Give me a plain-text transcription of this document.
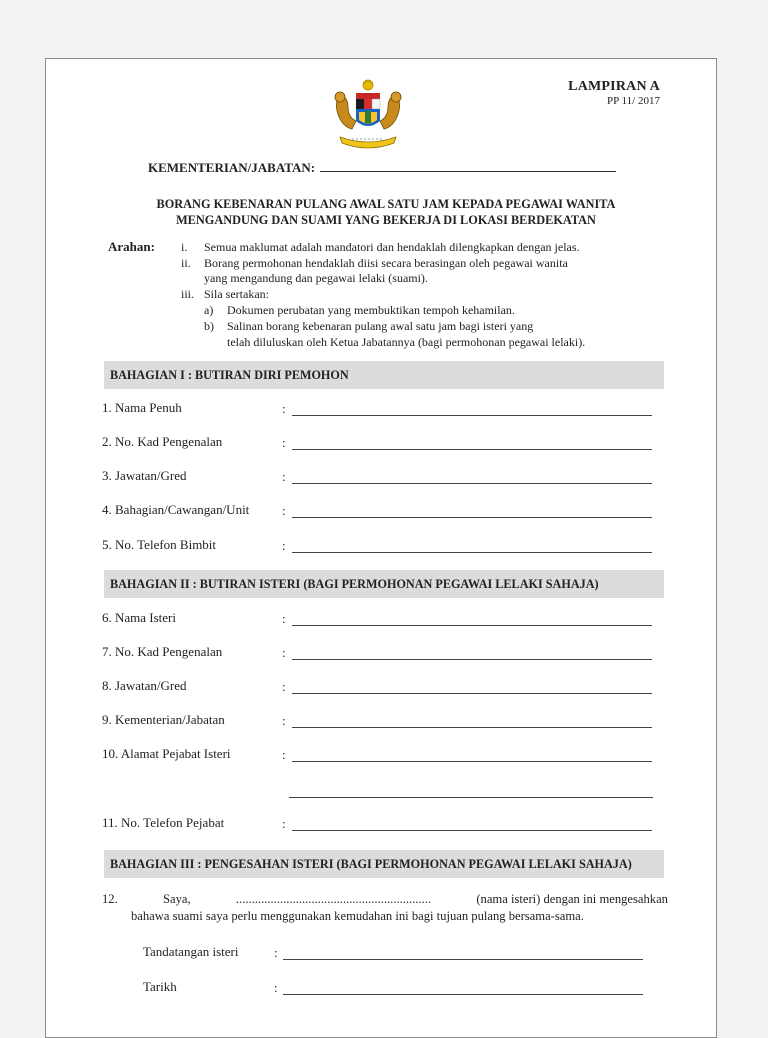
LAMPIRAN A
PP 11/ 2017
KEMENTERIAN/JABATAN:
BORANG KEBENARAN PULANG AWAL SATU JAM KEPADA PEGAWAI WANITA
MENGANDUNG DAN SUAMI YANG BEKERJA DI LOKASI BERDEKATAN
Arahan: i. Semua maklumat adalah mandatori dan hendaklah dilengkapkan dengan jelas.
ii. Borang permohonan hendaklah diisi secara berasingan oleh pegawai wanita
yang mengandung dan pegawai lelaki (suami).
iii. Sila sertakan:
a) Dokumen perubatan yang membuktikan tempoh kehamilan.
b) Salinan borang kebenaran pulang awal satu jam bagi isteri yang
telah diluluskan oleh Ketua Jabatannya (bagi permohonan pegawai lelaki).
BAHAGIAN I : BUTIRAN DIRI PEMOHON
1. Nama Penuh	:
2. No. Kad Pengenalan	:
3. Jawatan/Gred	:
4. Bahagian/Cawangan/Unit	:
5. No. Telefon Bimbit	:
BAHAGIAN II : BUTIRAN ISTERI (BAGI PERMOHONAN PEGAWAI LELAKI SAHAJA)
6. Nama Isteri	:
7. No. Kad Pengenalan	:
8. Jawatan/Gred	:
9. Kementerian/Jabatan	:
10. Alamat Pejabat Isteri	:
11. No. Telefon Pejabat	:
BAHAGIAN III : PENGESAHAN ISTERI (BAGI PERMOHONAN PEGAWAI LELAKI SAHAJA)
12.	Saya,	..............................................................	(nama isteri) dengan ini mengesahkan
bahawa suami saya perlu menggunakan kemudahan ini bagi tujuan pulang bersama-sama.
Tandatangan isteri	:
Tarikh	:
